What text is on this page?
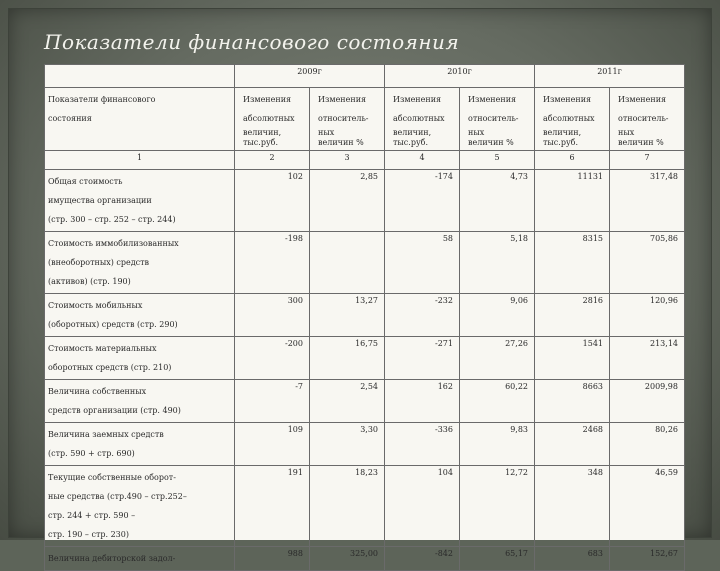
Показатели финансового состояния
	2009г		2010г		2011г	

Показатели финансового
состояния	Изменения
абсолютных
величин,
тыс.руб.	Изменения
относитель-
ных
величин %	Изменения
абсолютных
величин,
тыс.руб.	Изменения
относитель-
ных
величин %	Изменения
абсолютных
величин,
тыс.руб.	Изменения
относитель-
ных
величин %

1	2	3	4	5	6	7

Общая стоимость
имущества организации
(стр. 300 – стр. 252 – стр. 244)	102	2,85	-174	4,73	11131	317,48

Стоимость иммобилизованных
(внеоборотных) средств
(активов) (стр. 190)	-198		58	5,18	8315	705,86

Стоимость мобильных
(оборотных) средств (стр. 290)	300	13,27	-232	9,06	2816	120,96

Стоимость материальных
оборотных средств (стр. 210)	-200	16,75	-271	27,26	1541	213,14

Величина собственных
средств организации (стр. 490)	-7	2,54	162	60,22	8663	2009,98

Величина заемных средств
(стр. 590 + стр. 690)	109	3,30	-336	9,83	2468	80,26

Текущие собственные оборот-
ные средства (стр.490 – стр.252–
стр. 244 + стр. 590 –
стр. 190 – стр. 230)	191	18,23	104	12,72	348	46,59

Величина дебиторской задол-	988	325,00	-842	65,17	683	152,67
